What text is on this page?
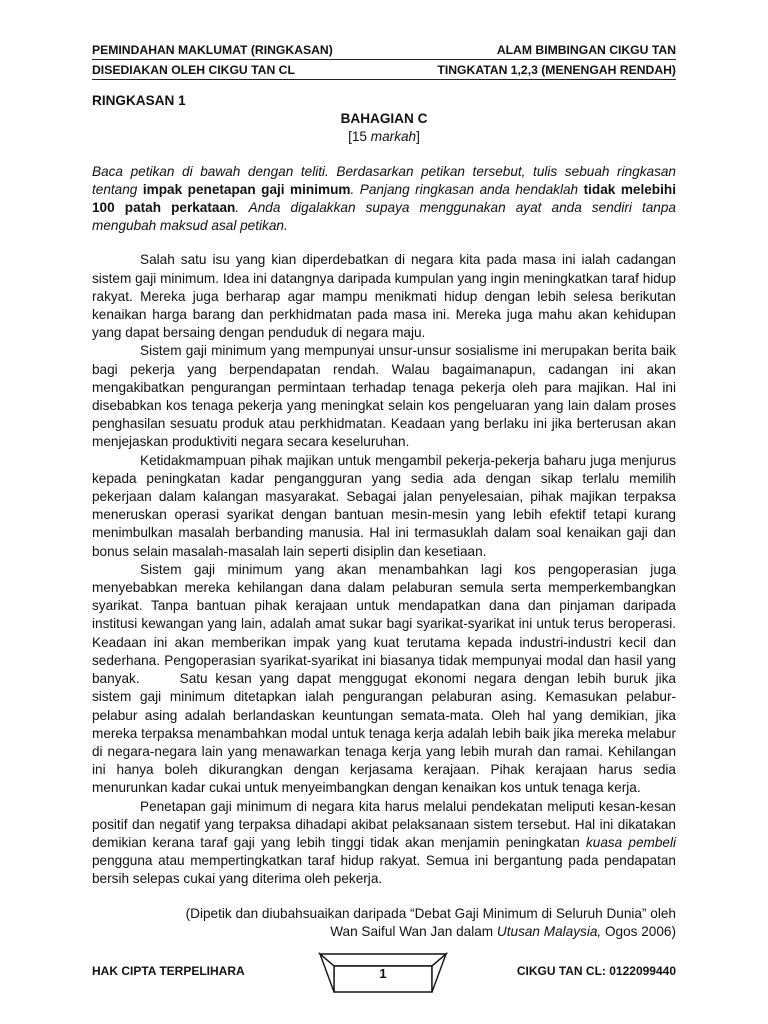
PEMINDAHAN MAKLUMAT (RINGKASAN)	ALAM BIMBINGAN CIKGU TAN
DISEDIAKAN OLEH CIKGU TAN CL	TINGKATAN 1,2,3 (MENENGAH RENDAH)
RINGKASAN 1
BAHAGIAN C
[15 markah]
Baca petikan di bawah dengan teliti. Berdasarkan petikan tersebut, tulis sebuah ringkasan tentang impak penetapan gaji minimum. Panjang ringkasan anda hendaklah tidak melebihi 100 patah perkataan. Anda digalakkan supaya menggunakan ayat anda sendiri tanpa mengubah maksud asal petikan.

Salah satu isu yang kian diperdebatkan di negara kita pada masa ini ialah cadangan sistem gaji minimum. Idea ini datangnya daripada kumpulan yang ingin meningkatkan taraf hidup rakyat. Mereka juga berharap agar mampu menikmati hidup dengan lebih selesa berikutan kenaikan harga barang dan perkhidmatan pada masa ini. Mereka juga mahu akan kehidupan yang dapat bersaing dengan penduduk di negara maju.

Sistem gaji minimum yang mempunyai unsur-unsur sosialisme ini merupakan berita baik bagi pekerja yang berpendapatan rendah. Walau bagaimanapun, cadangan ini akan mengakibatkan pengurangan permintaan terhadap tenaga pekerja oleh para majikan. Hal ini disebabkan kos tenaga pekerja yang meningkat selain kos pengeluaran yang lain dalam proses penghasilan sesuatu produk atau perkhidmatan. Keadaan yang berlaku ini jika berterusan akan menjejaskan produktiviti negara secara keseluruhan.

Ketidakmampuan pihak majikan untuk mengambil pekerja-pekerja baharu juga menjurus kepada peningkatan kadar pengangguran yang sedia ada dengan sikap terlalu memilih pekerjaan dalam kalangan masyarakat. Sebagai jalan penyelesaian, pihak majikan terpaksa meneruskan operasi syarikat dengan bantuan mesin-mesin yang lebih efektif tetapi kurang menimbulkan masalah berbanding manusia. Hal ini termasuklah dalam soal kenaikan gaji dan bonus selain masalah-masalah lain seperti disiplin dan kesetiaan.

Sistem gaji minimum yang akan menambahkan lagi kos pengoperasian juga menyebabkan mereka kehilangan dana dalam pelaburan semula serta memperkembangkan syarikat. Tanpa bantuan pihak kerajaan untuk mendapatkan dana dan pinjaman daripada institusi kewangan yang lain, adalah amat sukar bagi syarikat-syarikat ini untuk terus beroperasi. Keadaan ini akan memberikan impak yang kuat terutama kepada industri-industri kecil dan sederhana. Pengoperasian syarikat-syarikat ini biasanya tidak mempunyai modal dan hasil yang banyak.	Satu kesan yang dapat menggugat ekonomi negara dengan lebih buruk jika sistem gaji minimum ditetapkan ialah pengurangan pelaburan asing. Kemasukan pelabur-pelabur asing adalah berlandaskan keuntungan semata-mata. Oleh hal yang demikian, jika mereka terpaksa menambahkan modal untuk tenaga kerja adalah lebih baik jika mereka melabur di negara-negara lain yang menawarkan tenaga kerja yang lebih murah dan ramai. Kehilangan ini hanya boleh dikurangkan dengan kerjasama kerajaan. Pihak kerajaan harus sedia menurunkan kadar cukai untuk menyeimbangkan dengan kenaikan kos untuk tenaga kerja.

Penetapan gaji minimum di negara kita harus melalui pendekatan meliputi kesan-kesan positif dan negatif yang terpaksa dihadapi akibat pelaksanaan sistem tersebut. Hal ini dikatakan demikian kerana taraf gaji yang lebih tinggi tidak akan menjamin peningkatan kuasa pembeli pengguna atau mempertingkatkan taraf hidup rakyat. Semua ini bergantung pada pendapatan bersih selepas cukai yang diterima oleh pekerja.

(Dipetik dan diubahsuaikan daripada “Debat Gaji Minimum di Seluruh Dunia” oleh
Wan Saiful Wan Jan dalam Utusan Malaysia, Ogos 2006)
HAK CIPTA TERPELIHARA	1	CIKGU TAN CL: 0122099440
